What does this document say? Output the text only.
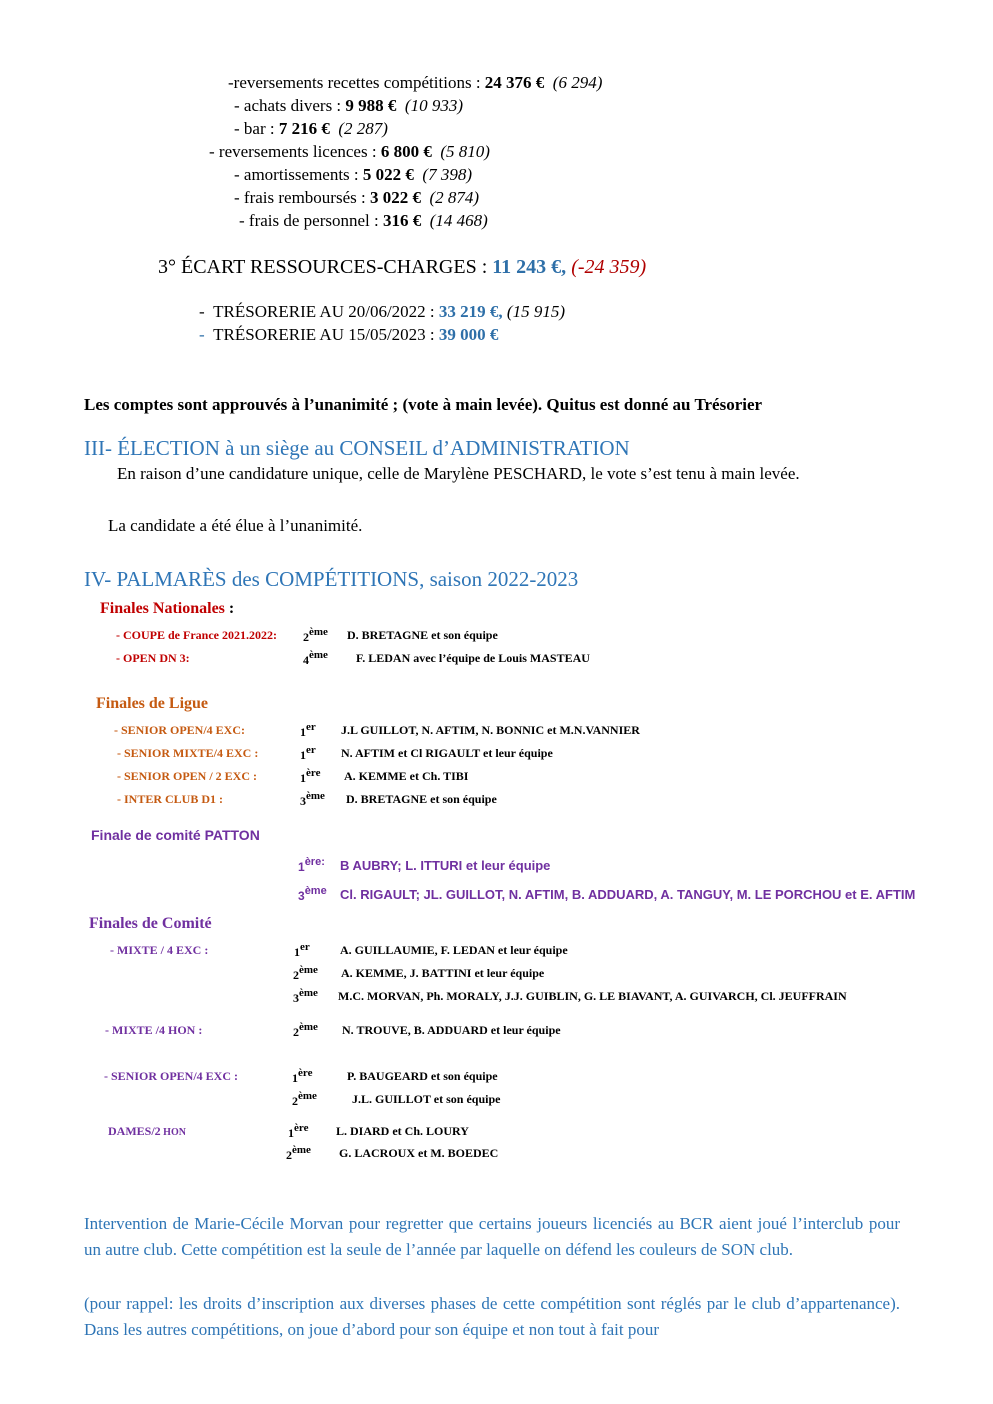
-reversements recettes compétitions : 24 376 € (6 294)
- achats divers : 9 988 € (10 933)
- bar : 7 216 € (2 287)
- reversements licences : 6 800 € (5 810)
- amortissements : 5 022 € (7 398)
- frais remboursés : 3 022 € (2 874)
- frais de personnel : 316 € (14 468)
3° ÉCART RESSOURCES-CHARGES : 11 243 €, (-24 359)
-  TRÉSORERIE AU 20/06/2022 : 33 219 €, (15 915)
-  TRÉSORERIE AU 15/05/2023 : 39 000 €
Les comptes sont approuvés à l’unanimité ; (vote à main levée). Quitus est donné au Trésorier
III- ÉLECTION à un siège au CONSEIL d’ADMINISTRATION
En raison d’une candidature unique, celle de Marylène PESCHARD, le vote s’est tenu à main levée.
La candidate a été élue à l’unanimité.
IV- PALMARÈS des COMPÉTITIONS, saison 2022-2023
Finales Nationales :
- COUPE de France 2021.2022: 2ème D. BRETAGNE et son équipe
- OPEN DN 3:	4ème F. LEDAN avec l’équipe de Louis MASTEAU
Finales de Ligue
- SENIOR OPEN/4 EXC:	1er J.L GUILLOT, N. AFTIM, N. BONNIC et M.N.VANNIER
- SENIOR MIXTE/4 EXC :	1er N. AFTIM et Cl RIGAULT et leur équipe
- SENIOR OPEN / 2 EXC :	1ère A. KEMME et Ch. TIBI
- INTER CLUB D1 :	3ème D. BRETAGNE et son équipe
Finale de comité PATTON
$1^{ère:}$ B AUBRY; L. ITTURI et leur équipe
3ème Cl. RIGAULT; JL. GUILLOT, N. AFTIM, B. ADDUARD, A. TANGUY, M. LE PORCHOU et E. AFTIM
Finales de Comité
- MIXTE / 4 EXC :	1er	A. GUILLAUMIE, F. LEDAN et leur équipe
2ème A. KEMME, J. BATTINI et leur équipe
3ème M.C. MORVAN, Ph. MORALY, J.J. GUIBLIN, G. LE BIAVANT, A. GUIVARCH, Cl. JEUFFRAIN
- MIXTE /4 HON :	2ème N. TROUVE, B. ADDUARD et leur équipe
- SENIOR OPEN/4 EXC :	1ère	P. BAUGEARD et son équipe
2ème	J.L. GUILLOT et son équipe
DAMES/2 HON	1ère L. DIARD et Ch. LOURY
2ème G. LACROUX et M. BOEDEC
Intervention de Marie-Cécile Morvan pour regretter que certains joueurs licenciés au BCR aient joué l’interclub pour un autre club. Cette compétition est la seule de l’année par laquelle on défend les couleurs de SON club.
(pour rappel: les droits d’inscription aux diverses phases de cette compétition sont réglés par le club d’appartenance). Dans les autres compétitions, on joue d’abord pour son équipe et non tout à fait pour
